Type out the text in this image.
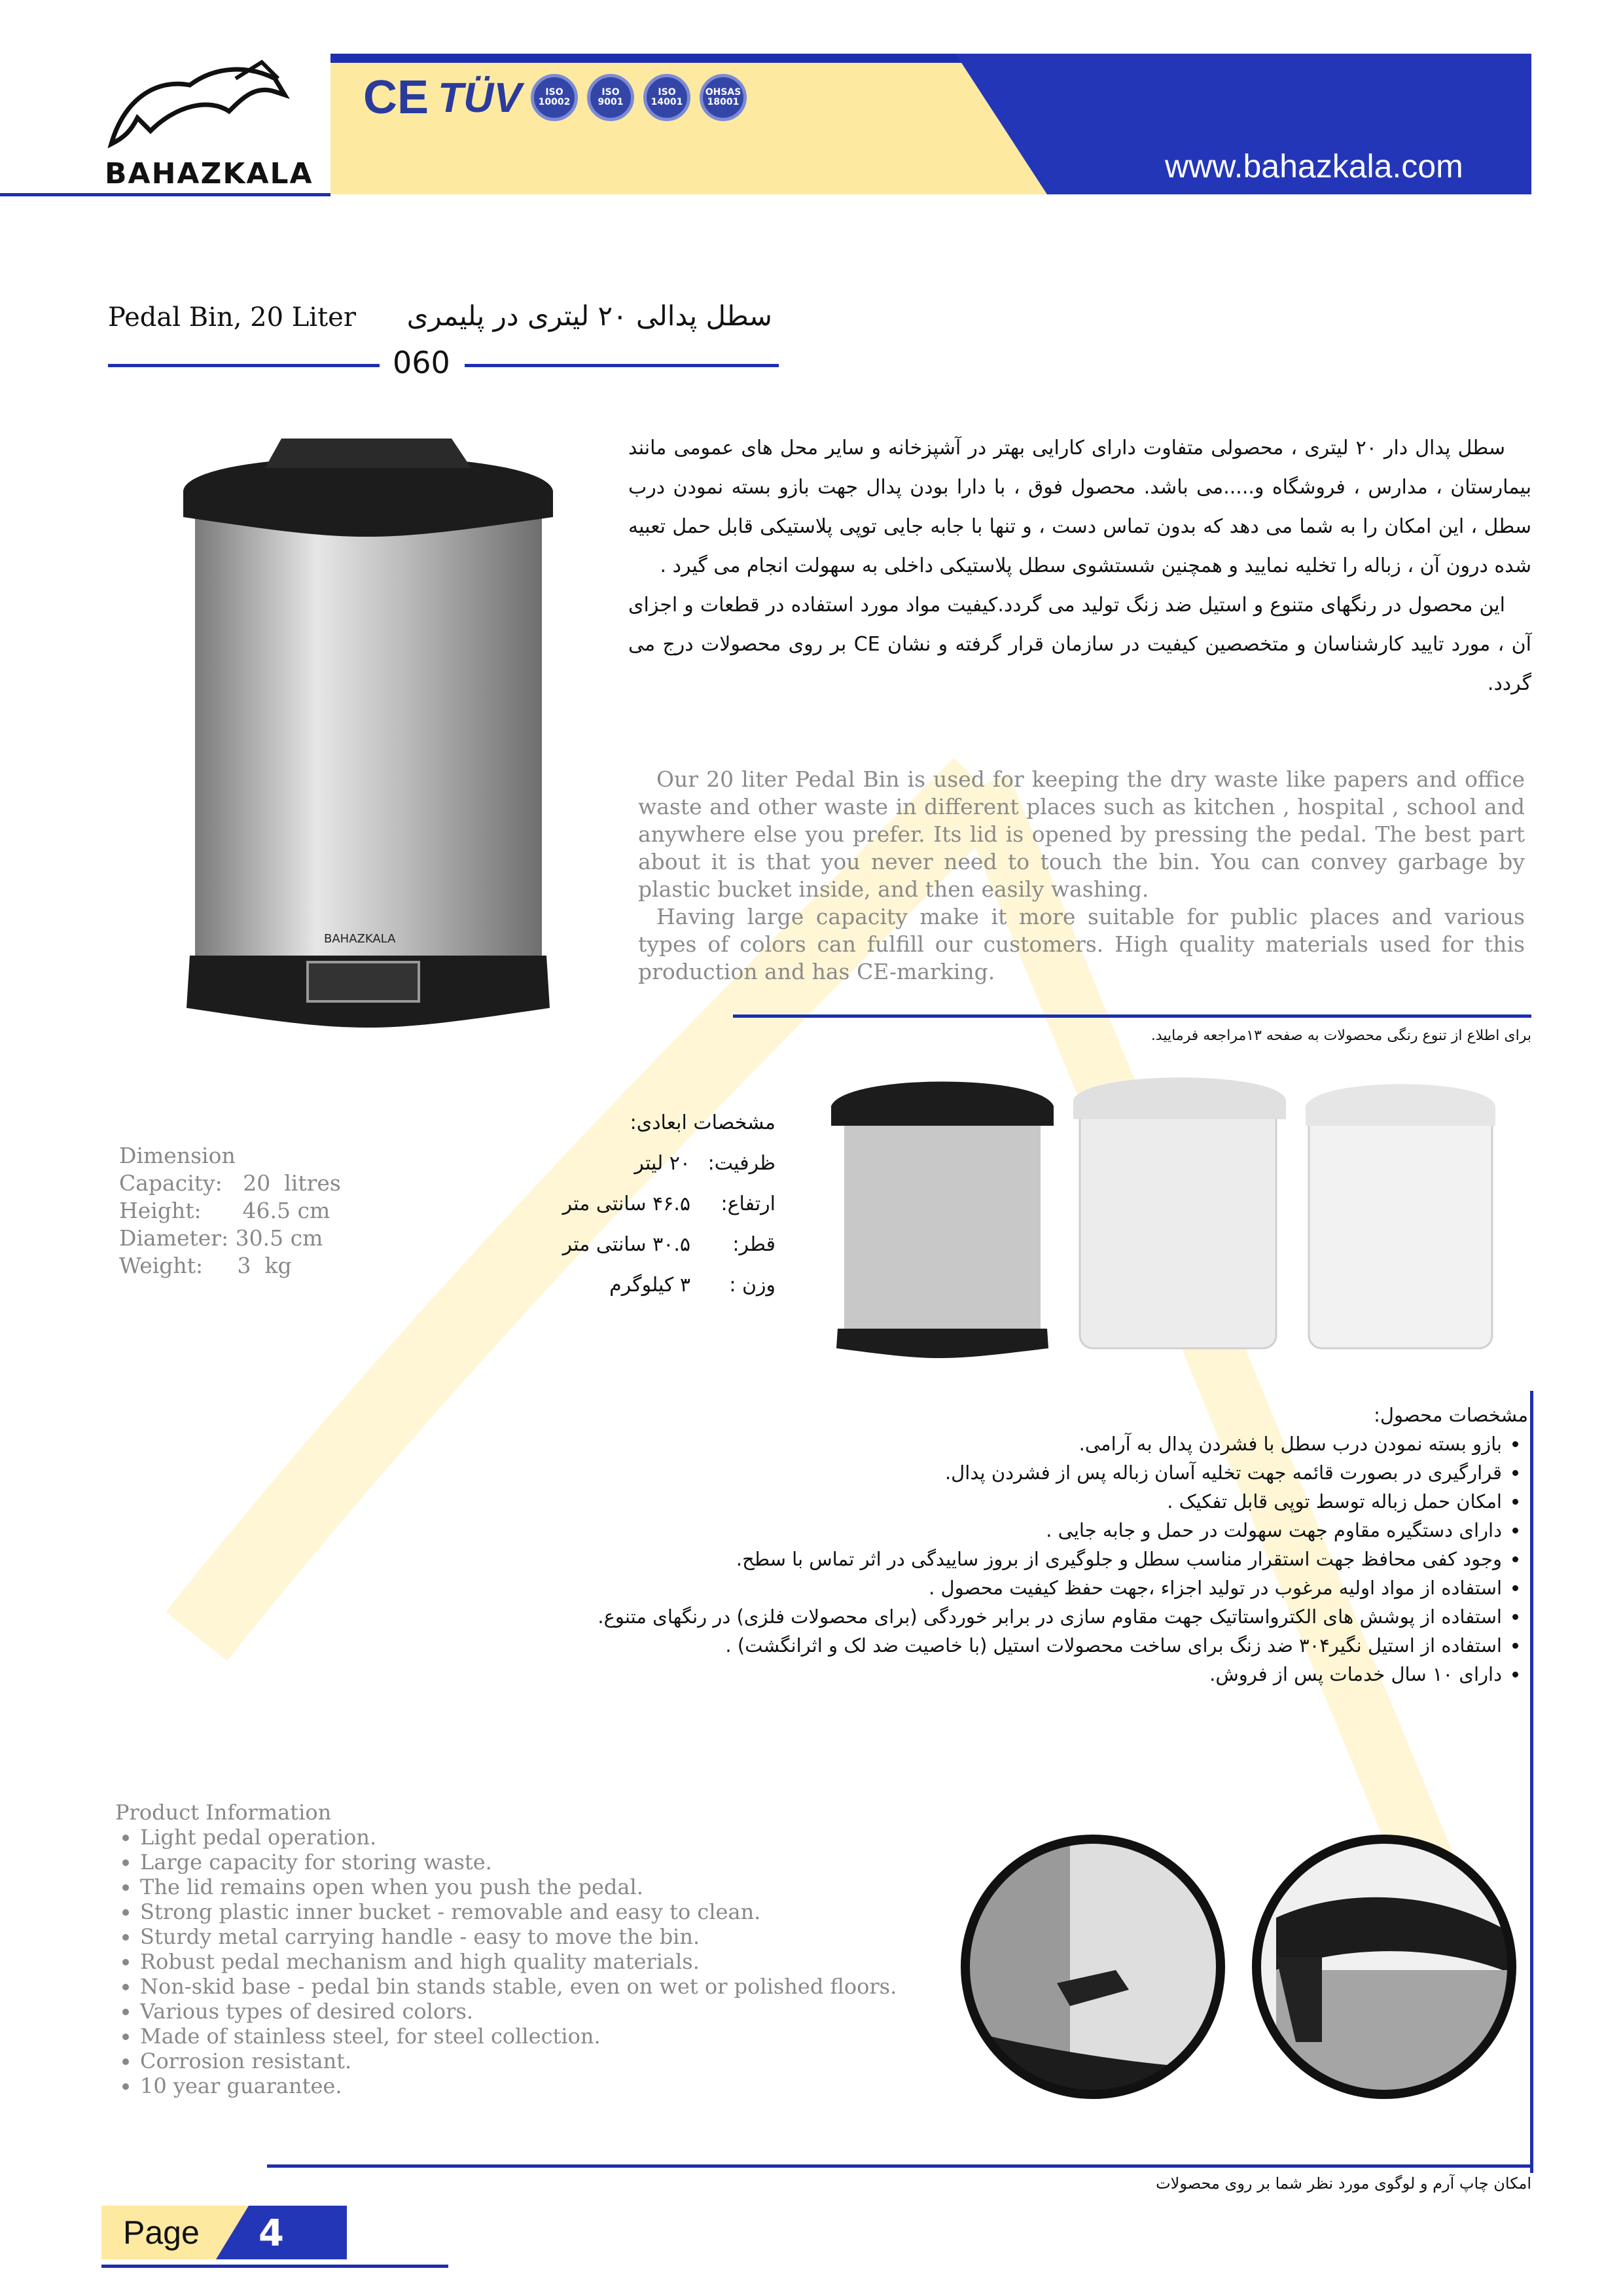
BAHAZKALA
CE TÜV	ISO 10002
ISO 9001
ISO 14001
OHSAS 18001
www.bahazkala.com
Pedal Bin, 20 Liter سطل پدالی ۲۰ لیتری در پلیمری
060
BAHAZKALA
سطل پدال دار ۲۰ لیتری ، محصولی متفاوت دارای کارایی بهتر در آشپزخانه و سایر محل های عمومی مانند بیمارستان ، مدارس ، فروشگاه و.....می باشد. محصول فوق ، با دارا بودن پدال جهت بازو بسته نمودن درب سطل ، این امکان را به شما می دهد که بدون تماس دست ، و تنها با جابه جایی توپی پلاستیکی قابل حمل تعبیه شده درون آن ، زباله را تخلیه نمایید و همچنین شستشوی سطل پلاستیکی داخلی به سهولت انجام می گیرد .
این محصول در رنگهای متنوع و استیل ضد زنگ تولید می گردد.کیفیت مواد مورد استفاده در قطعات و اجزای آن ، مورد تایید کارشناسان و متخصصین کیفیت در سازمان قرار گرفته و نشان CE بر روی محصولات درج می گردد.

Our 20 liter Pedal Bin is used for keeping the dry waste like papers and office waste and other waste in different places such as kitchen , hospital , school and anywhere else you prefer. Its lid is opened by pressing the pedal. The best part about it is that you never need to touch the bin. You can convey garbage by plastic bucket inside, and then easily washing.

Having large capacity make it more suitable for public places and various types of colors can fulfill our customers. High quality materials used for this production and has CE-marking.

برای اطلاع از تنوع رنگی محصولات به صفحه ۱۳مراجعه فرمایید.
Dimension
Capacity:   20  litres
Height:      46.5 cm
Diameter: 30.5 cm
Weight:     3  kg
مشخصات ابعادی:
ظرفیت:
۲۰ لیتر
ارتفاع:
۴۶.۵ سانتی متر
قطر:
۳۰.۵ سانتی متر
وزن :
۳ کیلوگرم
مشخصات محصول:
• بازو بسته نمودن درب سطل با فشردن پدال به آرامی.
• قرارگیری در بصورت قائمه جهت تخلیه آسان زباله پس از فشردن پدال.
• امکان حمل زباله توسط توپی قابل تفکیک .
• دارای دستگیره مقاوم جهت سهولت در حمل و جابه جایی .
• وجود کفی محافظ جهت استقرار مناسب سطل و جلوگیری از بروز ساییدگی در اثر تماس با سطح.
• استفاده از مواد اولیه مرغوب در تولید اجزاء ،جهت حفظ کیفیت محصول .
• استفاده از پوشش های الکترواستاتیک جهت مقاوم سازی در برابر خوردگی (برای محصولات فلزی) در رنگهای متنوع.
• استفاده از استیل نگیر۳۰۴ ضد زنگ برای ساخت محصولات استیل (با خاصیت ضد لک و اثرانگشت) .
• دارای ۱۰ سال خدمات پس از فروش.
Product Information
• Light pedal operation.
• Large capacity for storing waste.
• The lid remains open when you push the pedal.
• Strong plastic inner bucket - removable and easy to clean.
• Sturdy metal carrying handle - easy to move the bin.
• Robust pedal mechanism and high quality materials.
• Non-skid base - pedal bin stands stable, even on wet or polished floors.
• Various types of desired colors.
• Made of stainless steel, for steel collection.
• Corrosion resistant.
• 10 year guarantee.
امکان چاپ آرم و لوگوی مورد نظر شما بر روی محصولات
Page 4
